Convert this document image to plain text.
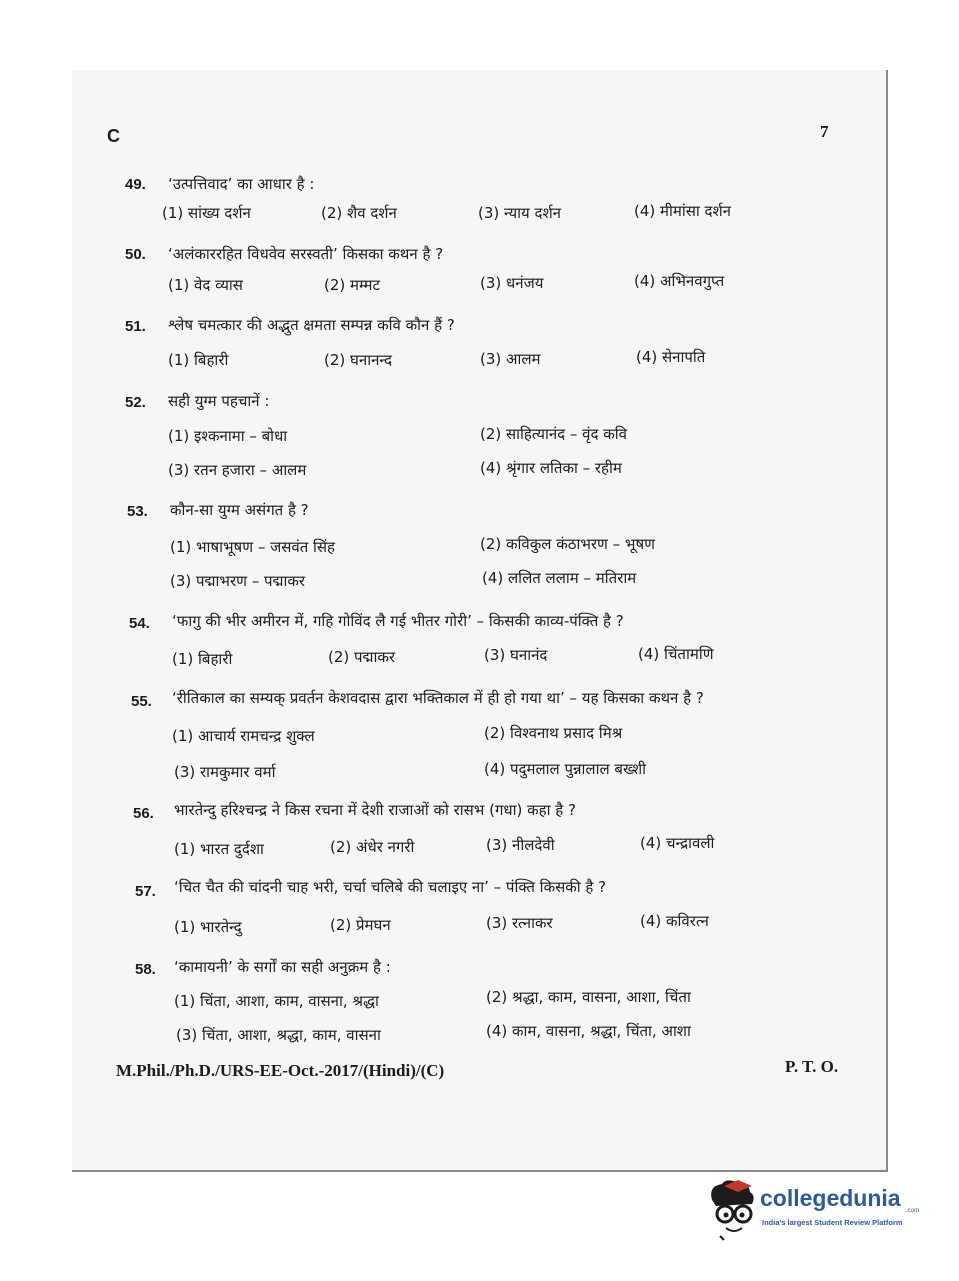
C	7
49. ‘उत्पत्तिवाद’ का आधार है :
(1) सांख्य दर्शन	(2) शैव दर्शन	(3) न्याय दर्शन	(4) मीमांसा दर्शन
50. ‘अलंकाररहित विधवेव सरस्वती’ किसका कथन है ?
(1) वेद व्यास	(2) मम्मट	(3) धनंजय	(4) अभिनवगुप्त
51. श्लेष चमत्कार की अद्भुत क्षमता सम्पन्न कवि कौन हैं ?
(1) बिहारी	(2) घनानन्द	(3) आलम	(4) सेनापति
52. सही युग्म पहचानें :
(1) इश्कनामा – बोधा	(2) साहित्यानंद – वृंद कवि
(3) रतन हजारा – आलम	(4) श्रृंगार लतिका – रहीम
53. कौन-सा युग्म असंगत है ?
(1) भाषाभूषण – जसवंत सिंह	(2) कविकुल कंठाभरण – भूषण
(3) पद्माभरण – पद्माकर	(4) ललित ललाम – मतिराम
54. ‘फागु की भीर अमीरन में, गहि गोविंद लै गई भीतर गोरी’ – किसकी काव्य-पंक्ति है ?
(1) बिहारी	(2) पद्माकर	(3) घनानंद	(4) चिंतामणि
55. ‘रीतिकाल का सम्यक् प्रवर्तन केशवदास द्वारा भक्तिकाल में ही हो गया था’ – यह किसका कथन है ?
(1) आचार्य रामचन्द्र शुक्ल	(2) विश्वनाथ प्रसाद मिश्र
(3) रामकुमार वर्मा	(4) पदुमलाल पुन्नालाल बख्शी
56. भारतेन्दु हरिश्चन्द्र ने किस रचना में देशी राजाओं को रासभ (गधा) कहा है ?
(1) भारत दुर्दशा	(2) अंधेर नगरी	(3) नीलदेवी	(4) चन्द्रावली
57. ‘चित चैत की चांदनी चाह भरी, चर्चा चलिबे की चलाइए ना’ – पंक्ति किसकी है ?
(1) भारतेन्दु	(2) प्रेमघन	(3) रत्नाकर	(4) कविरत्न
58. ‘कामायनी’ के सर्गों का सही अनुक्रम है :
(1) चिंता, आशा, काम, वासना, श्रद्धा	(2) श्रद्धा, काम, वासना, आशा, चिंता
(3) चिंता, आशा, श्रद्धा, काम, वासना	(4) काम, वासना, श्रद्धा, चिंता, आशा
M.Phil./Ph.D./URS-EE-Oct.-2017/(Hindi)/(C)	P. T. O.
collegedunia .com
India's largest Student Review Platform
